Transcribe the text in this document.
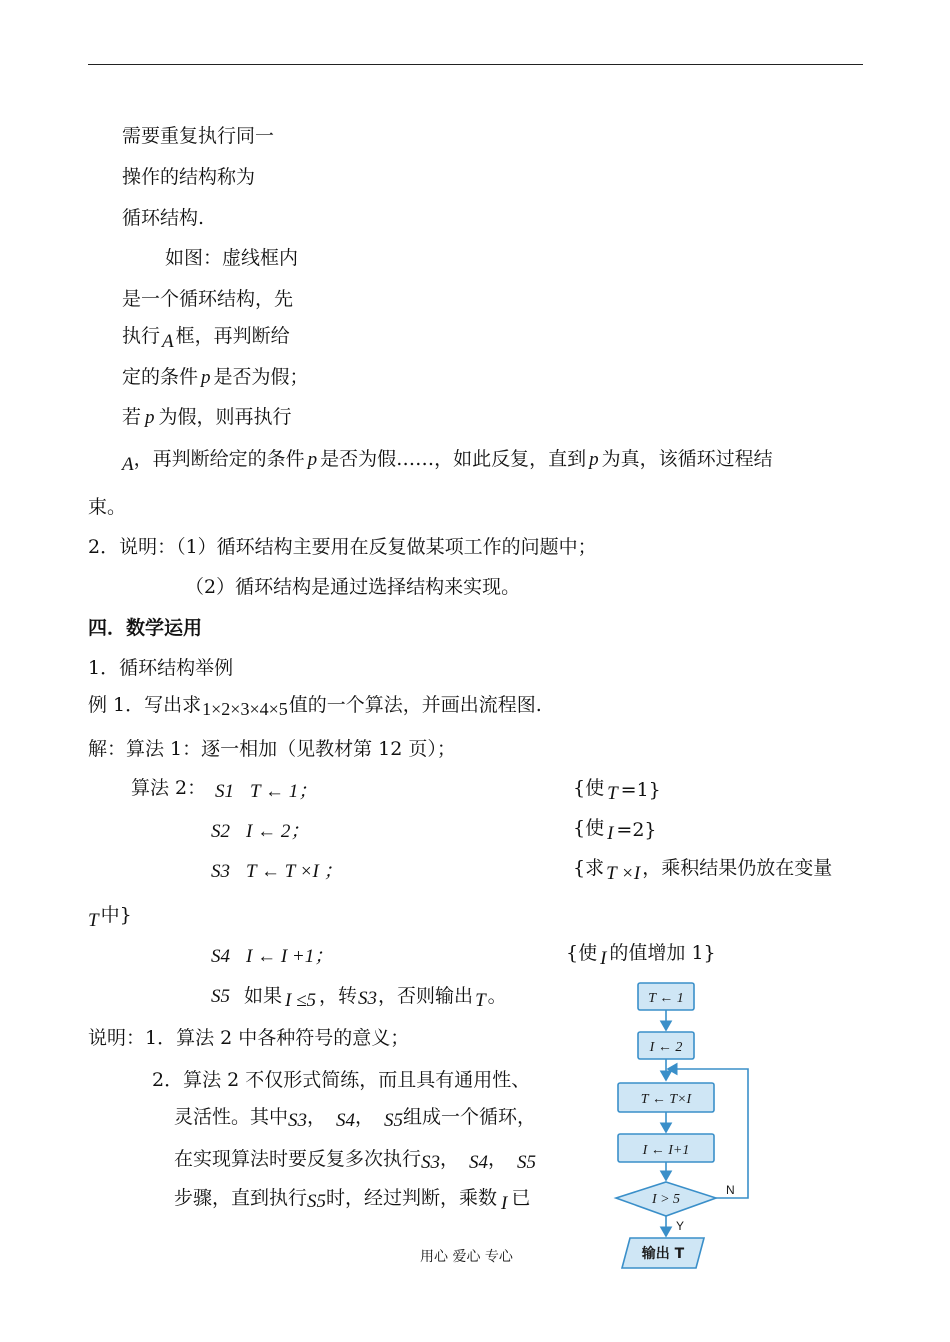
需要重复执行同一
操作的结构称为
循环结构.
如图：虚线框内
是一个循环结构，先
执行 A 框，再判断给
定的条件 p 是否为假；
若 p 为假，则再执行
A，再判断给定的条件 p 是否为假……，如此反复，直到 p 为真，该循环过程结
束。
2．说明：（1）循环结构主要用在反复做某项工作的问题中；
（2）循环结构是通过选择结构来实现。
四．数学运用
1．循环结构举例
例 1．写出求1×2×3×4×5值的一个算法，并画出流程图.
解：算法 1：逐一相加（见教材第 12 页）；
算法 2： S1 T ← 1；	{使 T =1}
S2 I ← 2；	{使 I =2}
S3 T ← T ×I ；	{求 T ×I ，乘积结果仍放在变量
T 中}
S4 I ← I +1；	{使 I 的值增加 1}
S5 如果 I ≤5 ，转S3，否则输出 T 。
说明：1．算法 2 中各种符号的意义；
2．算法 2 不仅形式简练，而且具有通用性、
灵活性。其中S3， S4， S5组成一个循环，
在实现算法时要反复多次执行S3， S4， S5
步骤，直到执行S5时，经过判断，乘数 I 已
T ← 1
I ← 2
T ← T×I
I ← I+1
I > 5
N
Y
输出 T
用心 爱心 专心
